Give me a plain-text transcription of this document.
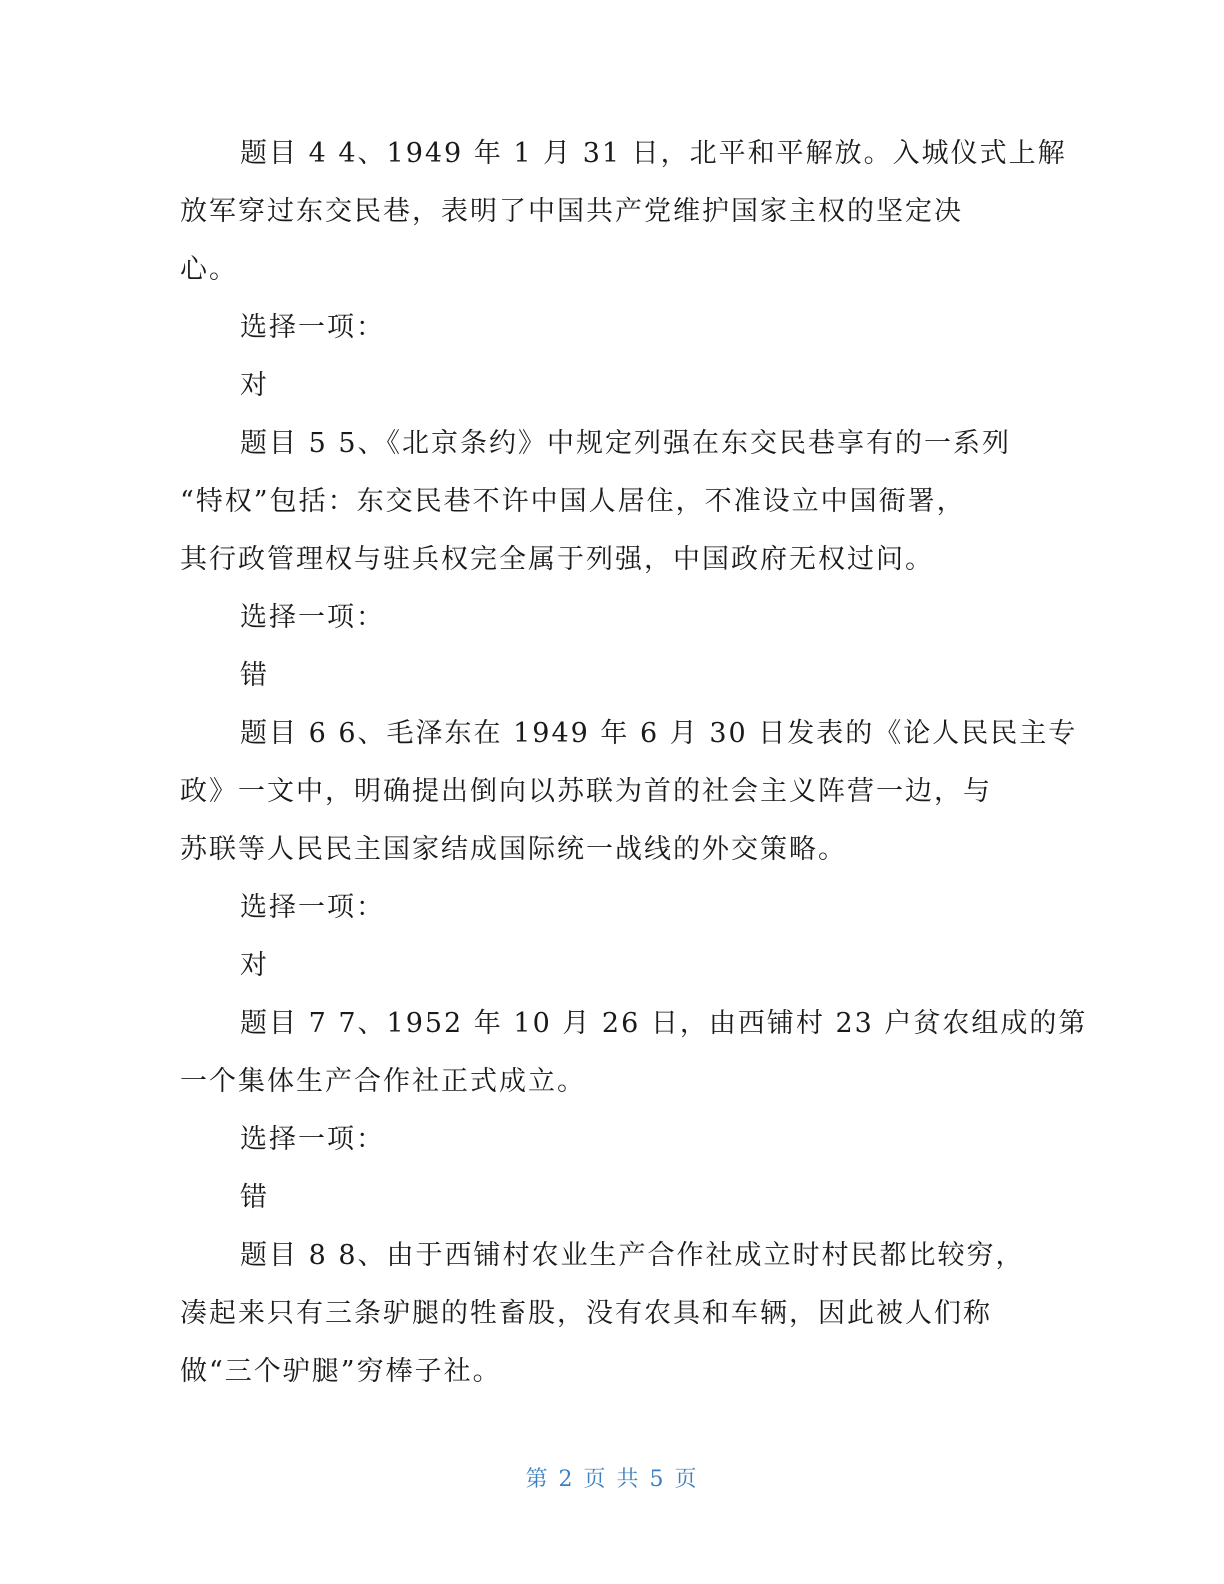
题目 4 4、1949 年 1 月 31 日，北平和平解放。入城仪式上解

放军穿过东交民巷，表明了中国共产党维护国家主权的坚定决
心。

选择一项：

对

题目 5 5、《北京条约》中规定列强在东交民巷享有的一系列

“特权”包括：东交民巷不许中国人居住，不准设立中国衙署，
其行政管理权与驻兵权完全属于列强，中国政府无权过问。

选择一项：

错

题目 6 6、毛泽东在 1949 年 6 月 30 日发表的《论人民民主专

政》一文中，明确提出倒向以苏联为首的社会主义阵营一边，与
苏联等人民民主国家结成国际统一战线的外交策略。

选择一项：

对

题目 7 7、1952 年 10 月 26 日，由西铺村 23 户贫农组成的第

一个集体生产合作社正式成立。

选择一项：

错

题目 8 8、由于西铺村农业生产合作社成立时村民都比较穷，

凑起来只有三条驴腿的牲畜股，没有农具和车辆，因此被人们称
做“三个驴腿”穷棒子社。

第 2 页 共 5 页
